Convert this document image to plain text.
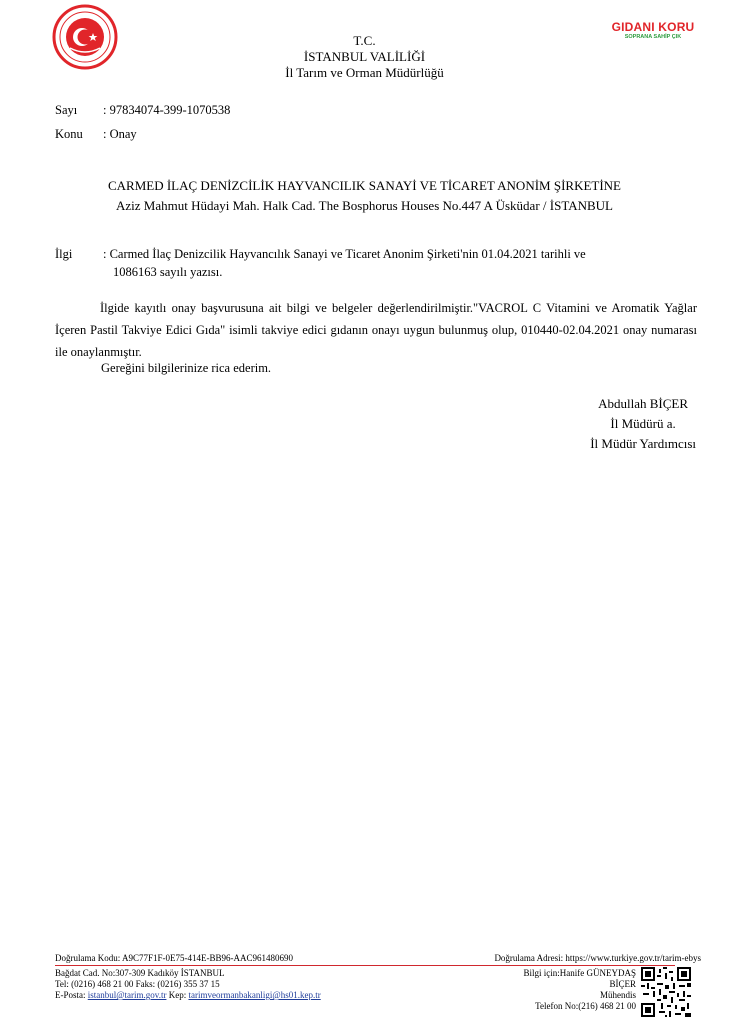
GIDANI KORU
SOPRANA SAHİP ÇIK
T.C.
İSTANBUL VALİLİĞİ
İl Tarım ve Orman Müdürlüğü
Sayı : 97834074-399-1070538
Konu : Onay
CARMED İLAÇ DENİZCİLİK HAYVANCILIK SANAYİ VE TİCARET ANONİM ŞİRKETİNE
Aziz Mahmut Hüdayi Mah. Halk Cad. The Bosphorus Houses No.447 A Üsküdar / İSTANBUL
İlgi : Carmed İlaç Denizcilik Hayvancılık Sanayi ve Ticaret Anonim Şirketi'nin 01.04.2021 tarihli ve
1086163 sayılı yazısı.
İlgide kayıtlı onay başvurusuna ait bilgi ve belgeler değerlendirilmiştir."VACROL C Vitamini ve Aromatik Yağlar İçeren Pastil Takviye Edici Gıda" isimli takviye edici gıdanın onayı uygun bulunmuş olup, 010440-02.04.2021 onay numarası ile onaylanmıştır.
Gereğini bilgilerinize rica ederim.
Abdullah BİÇER
İl Müdürü a.
İl Müdür Yardımcısı
Doğrulama Kodu: A9C77F1F-0E75-414E-BB96-AAC961480690	Doğrulama Adresi: https://www.turkiye.gov.tr/tarim-ebys
Bağdat Cad. No:307-309 Kadıköy İSTANBUL
Tel: (0216) 468 21 00 Faks: (0216) 355 37 15
E-Posta: istanbul@tarim.gov.tr Kep: tarimveormanbakanligi@hs01.kep.tr
Bilgi için:Hanife GÜNEYDAŞ
BİÇER
Mühendis
Telefon No:(216) 468 21 00
